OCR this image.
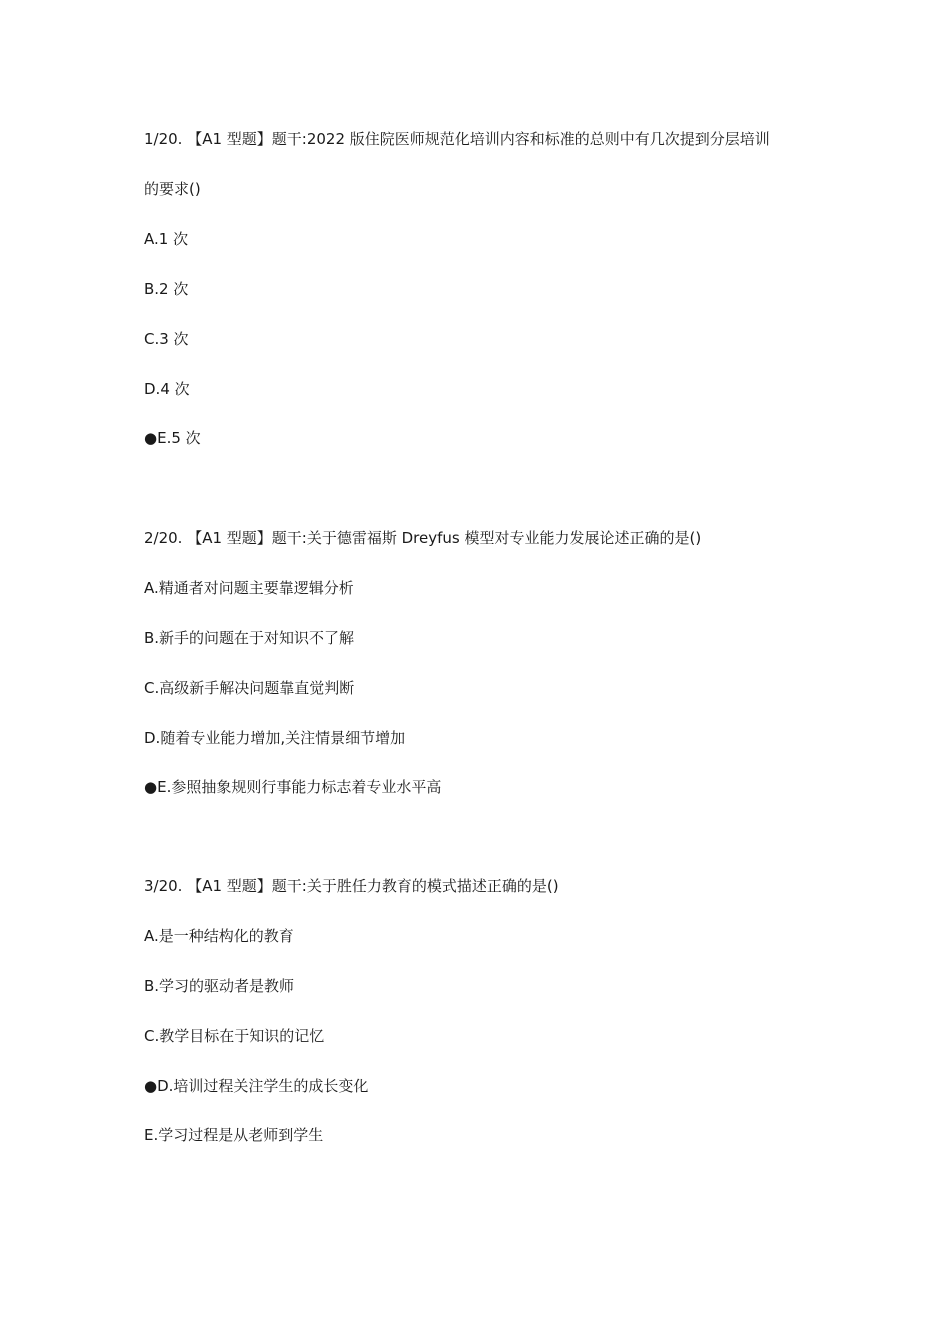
1/20. 【A1 型题】题干:2022 版住院医师规范化培训内容和标准的总则中有几次提到分层培训
的要求()
A.1 次
B.2 次
C.3 次
D.4 次
●E.5 次
2/20. 【A1 型题】题干:关于德雷福斯 Dreyfus 模型对专业能力发展论述正确的是()
A.精通者对问题主要靠逻辑分析
B.新手的问题在于对知识不了解
C.高级新手解决问题靠直觉判断
D.随着专业能力增加,关注情景细节增加
●E.参照抽象规则行事能力标志着专业水平高
3/20. 【A1 型题】题干:关于胜任力教育的模式描述正确的是()
A.是一种结构化的教育
B.学习的驱动者是教师
C.教学目标在于知识的记忆
●D.培训过程关注学生的成长变化
E.学习过程是从老师到学生
